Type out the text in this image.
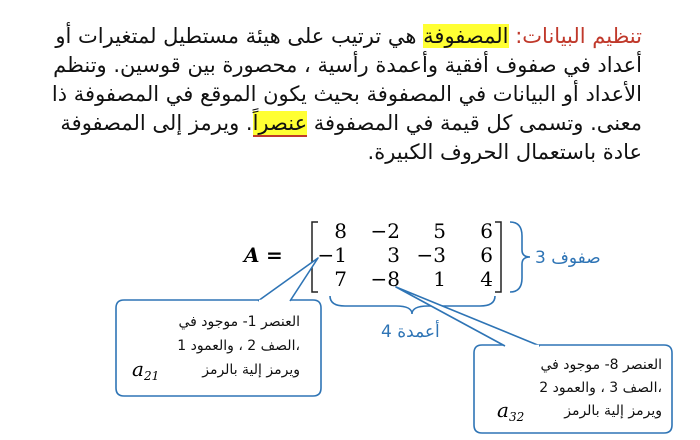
تنظيم البيانات: المصفوفة هي ترتيب على هيئة مستطيل لمتغيرات أو أعداد في صفوف أفقية وأعمدة رأسية ، محصورة بين قوسين. وتنظم الأعداد أو البيانات في المصفوفة بحيث يكون الموقع في المصفوفة ذا معنى. وتسمى كل قيمة في المصفوفة عنصراً. ويرمز إلى المصفوفة عادة باستعمال الحروف الكبيرة.
A =
8 −2 5 6
−1 3 −3 6
7 −8 1 4
3 صفوف
4 أعمدة
العنصر 1- موجود في
الصف 2 ، والعمود 1،
ويرمز إلية بالرمز
$a_{21}$
العنصر 8- موجود في
الصف 3 ، والعمود 2،
ويرمز إلية بالرمز
$a_{32}$
